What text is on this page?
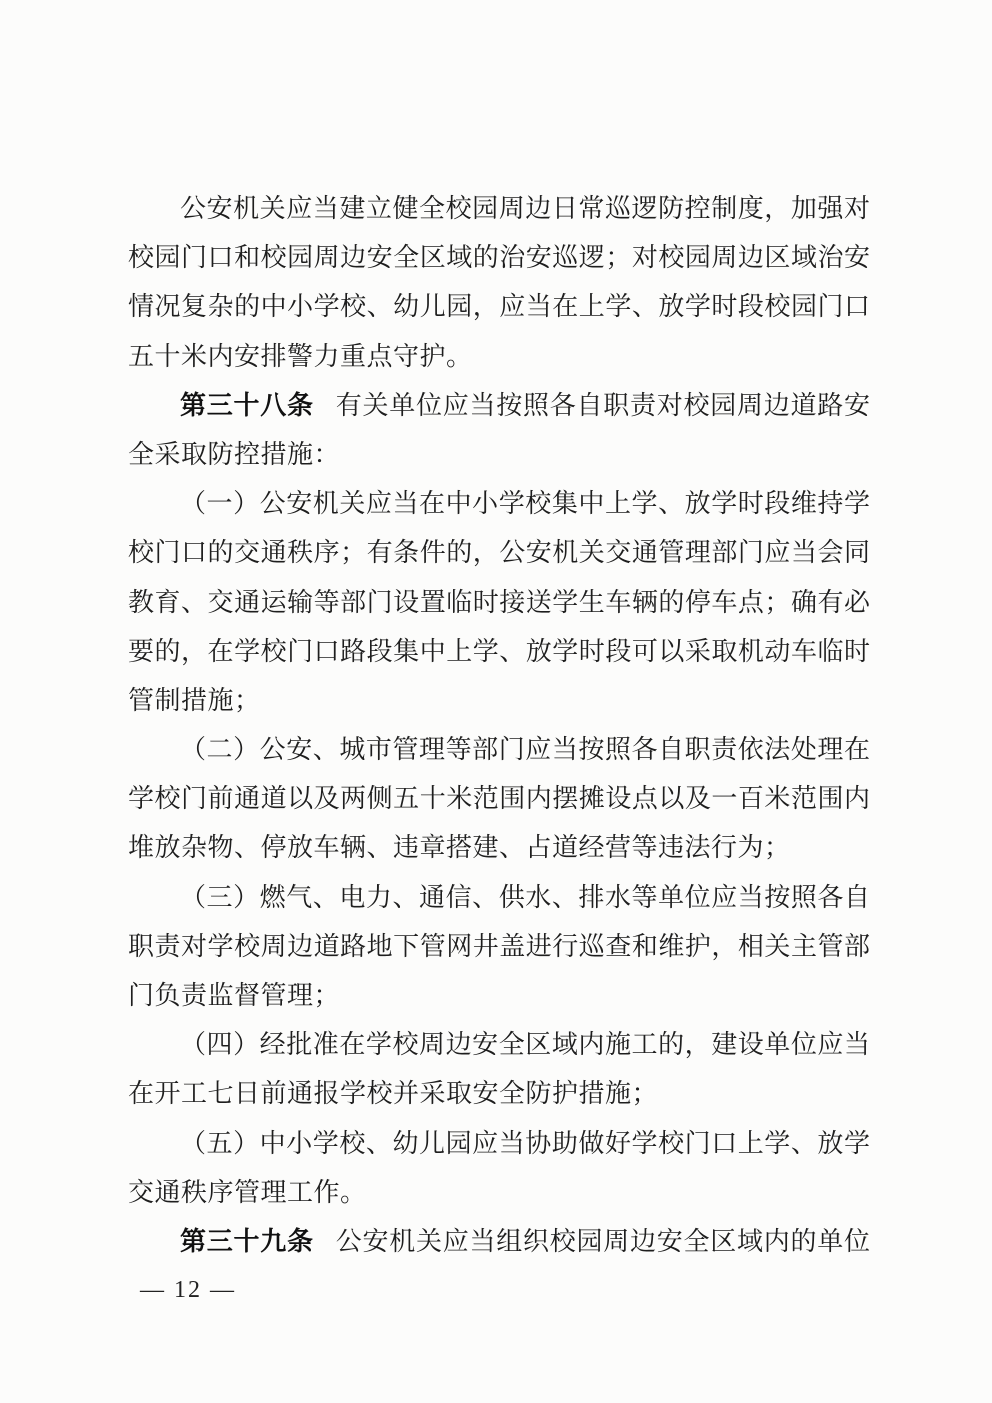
公安机关应当建立健全校园周边日常巡逻防控制度，加强对
校园门口和校园周边安全区域的治安巡逻；对校园周边区域治安
情况复杂的中小学校、幼儿园，应当在上学、放学时段校园门口
五十米内安排警力重点守护。
第三十八条 有关单位应当按照各自职责对校园周边道路安
全采取防控措施：
（一）公安机关应当在中小学校集中上学、放学时段维持学
校门口的交通秩序；有条件的，公安机关交通管理部门应当会同
教育、交通运输等部门设置临时接送学生车辆的停车点；确有必
要的，在学校门口路段集中上学、放学时段可以采取机动车临时
管制措施；
（二）公安、城市管理等部门应当按照各自职责依法处理在
学校门前通道以及两侧五十米范围内摆摊设点以及一百米范围内
堆放杂物、停放车辆、违章搭建、占道经营等违法行为；
（三）燃气、电力、通信、供水、排水等单位应当按照各自
职责对学校周边道路地下管网井盖进行巡查和维护，相关主管部
门负责监督管理；
（四）经批准在学校周边安全区域内施工的，建设单位应当
在开工七日前通报学校并采取安全防护措施；
（五）中小学校、幼儿园应当协助做好学校门口上学、放学
交通秩序管理工作。
第三十九条 公安机关应当组织校园周边安全区域内的单位
— 12 —
